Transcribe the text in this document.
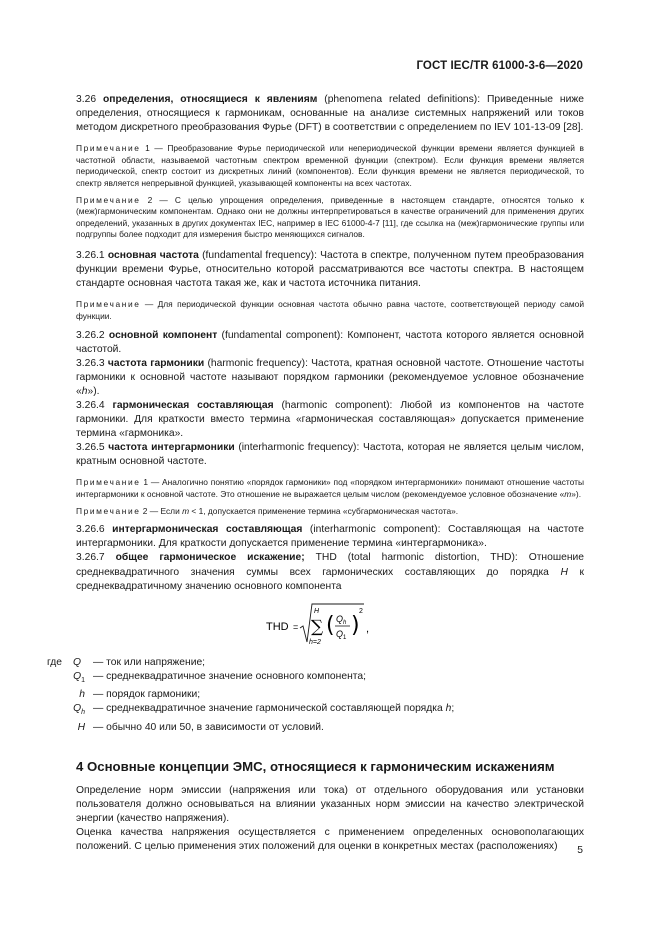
ГОСТ IEC/TR 61000-3-6—2020

3.26 определения, относящиеся к явлениям (phenomena related definitions): Приведенные ниже определения, относящиеся к гармоникам, основанные на анализе системных напряжений или токов методом дискретного преобразования Фурье (DFT) в соответствии с определением по IEV 101-13-09 [28].

Примечание 1 — Преобразование Фурье периодической или непериодической функции времени является функцией в частотной области, называемой частотным спектром временной функции (спектром). Если функция времени является периодической, спектр состоит из дискретных линий (компонентов). Если функция времени не является периодической, то спектр является непрерывной функцией, указывающей компоненты на всех частотах.

Примечание 2 — С целью упрощения определения, приведенные в настоящем стандарте, относятся только к (меж)гармоническим компонентам. Однако они не должны интерпретироваться в качестве ограничений для применения других определений, указанных в других документах IEC, например в IEC 61000-4-7 [11], где ссылка на (меж)гармонические группы или подгруппы более подходит для измерения быстро меняющихся сигналов.

3.26.1 основная частота (fundamental frequency): Частота в спектре, полученном путем преобразования функции времени Фурье, относительно которой рассматриваются все частоты спектра. В настоящем стандарте основная частота такая же, как и частота источника питания.

Примечание — Для периодической функции основная частота обычно равна частоте, соответствующей периоду самой функции.

3.26.2 основной компонент (fundamental component): Компонент, частота которого является основной частотой.

3.26.3 частота гармоники (harmonic frequency): Частота, кратная основной частоте. Отношение частоты гармоники к основной частоте называют порядком гармоники (рекомендуемое условное обозначение «h»).

3.26.4 гармоническая составляющая (harmonic component): Любой из компонентов на частоте гармоники. Для краткости вместо термина «гармоническая составляющая» допускается применение термина «гармоника».

3.26.5 частота интергармоники (interharmonic frequency): Частота, которая не является целым числом, кратным основной частоте.

Примечание 1 — Аналогично понятию «порядок гармоники» под «порядком интергармоники» понимают отношение частоты интергармоники к основной частоте. Это отношение не выражается целым числом (рекомендуемое условное обозначение «m»).

Примечание 2 — Если m < 1, допускается применение термина «субгармоническая частота».

3.26.6 интергармоническая составляющая (interharmonic component): Составляющая на частоте интергармоники. Для краткости допускается применение термина «интергармоника».

3.26.7 общее гармоническое искажение; THD (total harmonic distortion, THD): Отношение среднеквадратичного значения суммы всех гармонических составляющих до порядка H к среднеквадратичному значению основного компонента

THD =
H
∑
h=2
( Q h
Q 1 )
2
,
где	Q	— ток или напряжение;
$Q_1$ — среднеквадратичное значение основного компонента;
h — порядок гармоники;
$Q_h$ — среднеквадратичное значение гармонической составляющей порядка h;
H — обычно 40 или 50, в зависимости от условий.
4 Основные концепции ЭМС, относящиеся к гармоническим искажениям

Определение норм эмиссии (напряжения или тока) от отдельного оборудования или установки пользователя должно основываться на влиянии указанных норм эмиссии на качество электрической энергии (качество напряжения).

Оценка качества напряжения осуществляется с применением определенных основополагающих положений. С целью применения этих положений для оценки в конкретных местах (расположениях)	5
